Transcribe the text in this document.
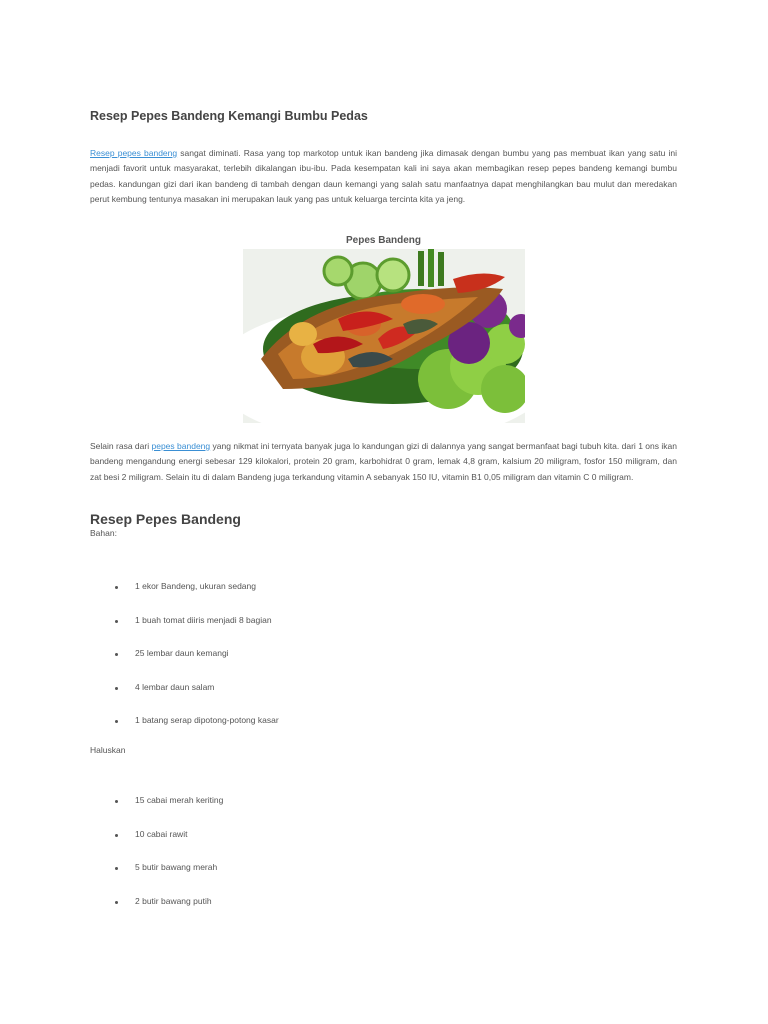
Resep Pepes Bandeng Kemangi Bumbu Pedas

Resep pepes bandeng sangat diminati. Rasa yang top markotop untuk ikan bandeng jika dimasak dengan bumbu yang pas membuat ikan yang satu ini menjadi favorit untuk masyarakat, terlebih dikalangan ibu-ibu. Pada kesempatan kali ini saya akan membagikan resep pepes bandeng kemangi bumbu pedas. kandungan gizi dari ikan bandeng di tambah dengan daun kemangi yang salah satu manfaatnya dapat menghilangkan bau mulut dan meredakan perut kembung tentunya masakan ini merupakan lauk yang pas untuk keluarga tercinta kita ya jeng.

Pepes Bandeng

Selain rasa dari pepes bandeng yang nikmat ini ternyata banyak juga lo kandungan gizi di dalannya yang sangat bermanfaat bagi tubuh kita. dari 1 ons ikan bandeng mengandung energi sebesar 129 kilokalori, protein 20 gram, karbohidrat 0 gram, lemak 4,8 gram, kalsium 20 miligram, fosfor 150 miligram, dan zat besi 2 miligram. Selain itu di dalam Bandeng juga terkandung vitamin A sebanyak 150 IU, vitamin B1 0,05 miligram dan vitamin C 0 miligram.

Resep Pepes Bandeng
Bahan:
1 ekor Bandeng, ukuran sedang
1 buah tomat diiris menjadi 8 bagian
25 lembar daun kemangi
4 lembar daun salam
1 batang serap dipotong-potong kasar
Haluskan
15 cabai merah keriting
10 cabai rawit
5 butir bawang merah
2 butir bawang putih
